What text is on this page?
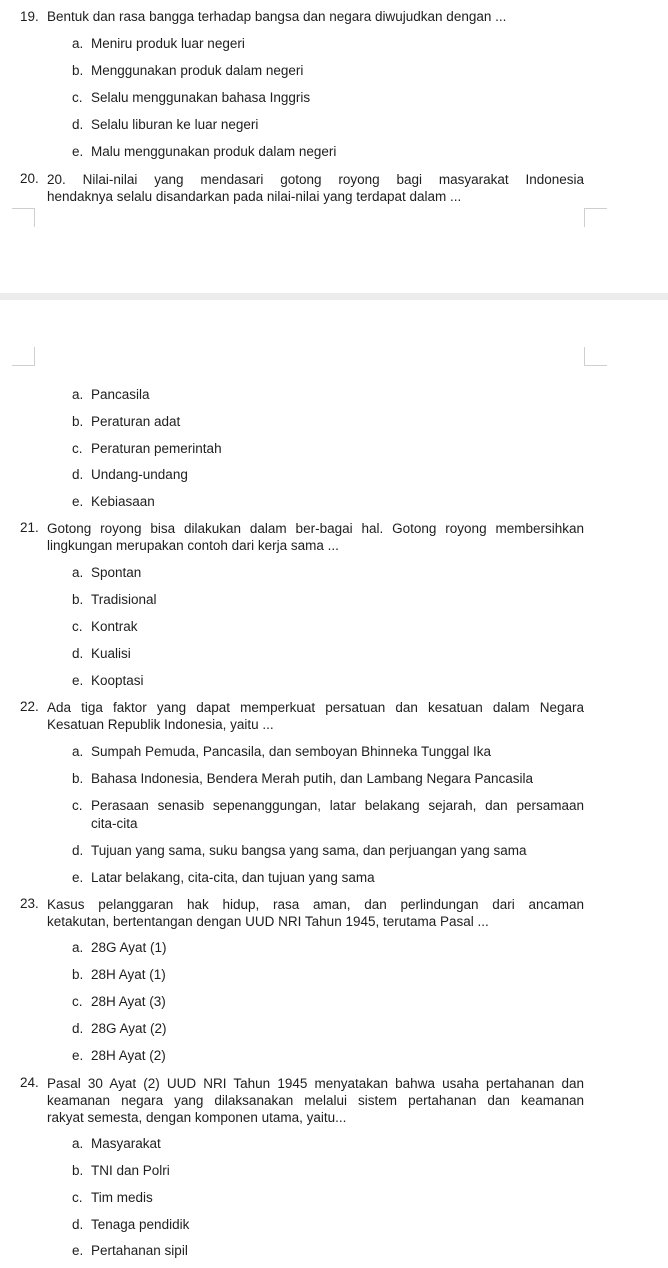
19. Bentuk dan rasa bangga terhadap bangsa dan negara diwujudkan dengan ...
a. Meniru produk luar negeri
b. Menggunakan produk dalam negeri
c. Selalu menggunakan bahasa Inggris
d. Selalu liburan ke luar negeri
e. Malu menggunakan produk dalam negeri
20. 20. Nilai-nilai yang mendasari gotong royong bagi masyarakat Indonesia
hendaknya selalu disandarkan pada nilai-nilai yang terdapat dalam ...
a. Pancasila
b. Peraturan adat
c. Peraturan pemerintah
d. Undang-undang
e. Kebiasaan
21. Gotong royong bisa dilakukan dalam ber-bagai hal. Gotong royong membersihkan
lingkungan merupakan contoh dari kerja sama ...
a. Spontan
b. Tradisional
c. Kontrak
d. Kualisi
e. Kooptasi
22. Ada tiga faktor yang dapat memperkuat persatuan dan kesatuan dalam Negara
Kesatuan Republik Indonesia, yaitu ...
a. Sumpah Pemuda, Pancasila, dan semboyan Bhinneka Tunggal Ika
b. Bahasa Indonesia, Bendera Merah putih, dan Lambang Negara Pancasila
c. Perasaan senasib sepenanggungan, latar belakang sejarah, dan persamaan
cita-cita
d. Tujuan yang sama, suku bangsa yang sama, dan perjuangan yang sama
e. Latar belakang, cita-cita, dan tujuan yang sama
23. Kasus pelanggaran hak hidup, rasa aman, dan perlindungan dari ancaman
ketakutan, bertentangan dengan UUD NRI Tahun 1945, terutama Pasal ...
a. 28G Ayat (1)
b. 28H Ayat (1)
c. 28H Ayat (3)
d. 28G Ayat (2)
e. 28H Ayat (2)
24. Pasal 30 Ayat (2) UUD NRI Tahun 1945 menyatakan bahwa usaha pertahanan dan
keamanan negara yang dilaksanakan melalui sistem pertahanan dan keamanan
rakyat semesta, dengan komponen utama, yaitu...
a. Masyarakat
b. TNI dan Polri
c. Tim medis
d. Tenaga pendidik
e. Pertahanan sipil
